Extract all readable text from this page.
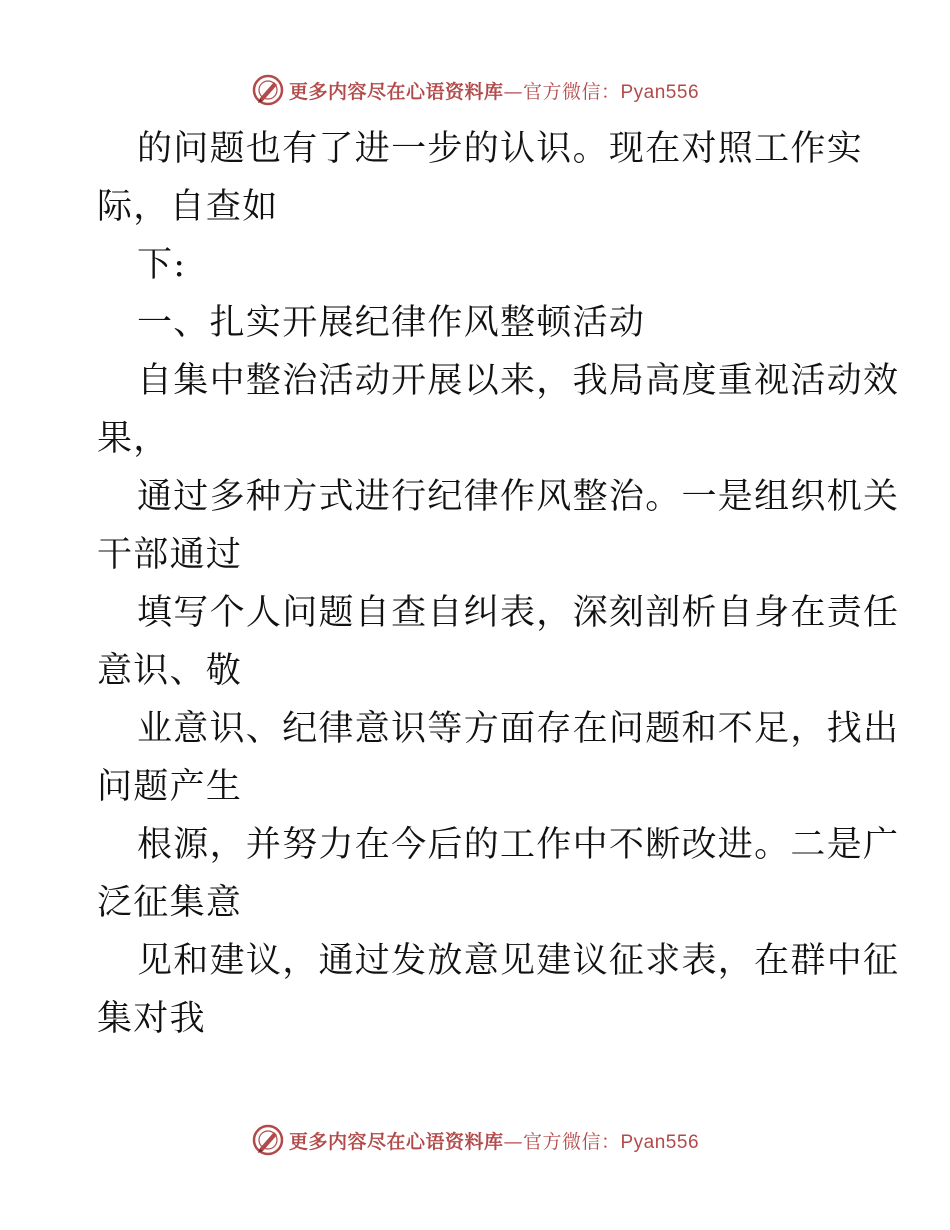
更多内容尽在心语资料库—官方微信：Pyan556
的问题也有了进一步的认识。现在对照工作实
际，自查如
下:
一、扎实开展纪律作风整顿活动
自集中整治活动开展以来，我局高度重视活动效
果，
通过多种方式进行纪律作风整治。一是组织机关
干部通过
填写个人问题自查自纠表，深刻剖析自身在责任
意识、敬
业意识、纪律意识等方面存在问题和不足，找出
问题产生
根源，并努力在今后的工作中不断改进。二是广
泛征集意
见和建议，通过发放意见建议征求表，在群中征
集对我
更多内容尽在心语资料库—官方微信：Pyan556
